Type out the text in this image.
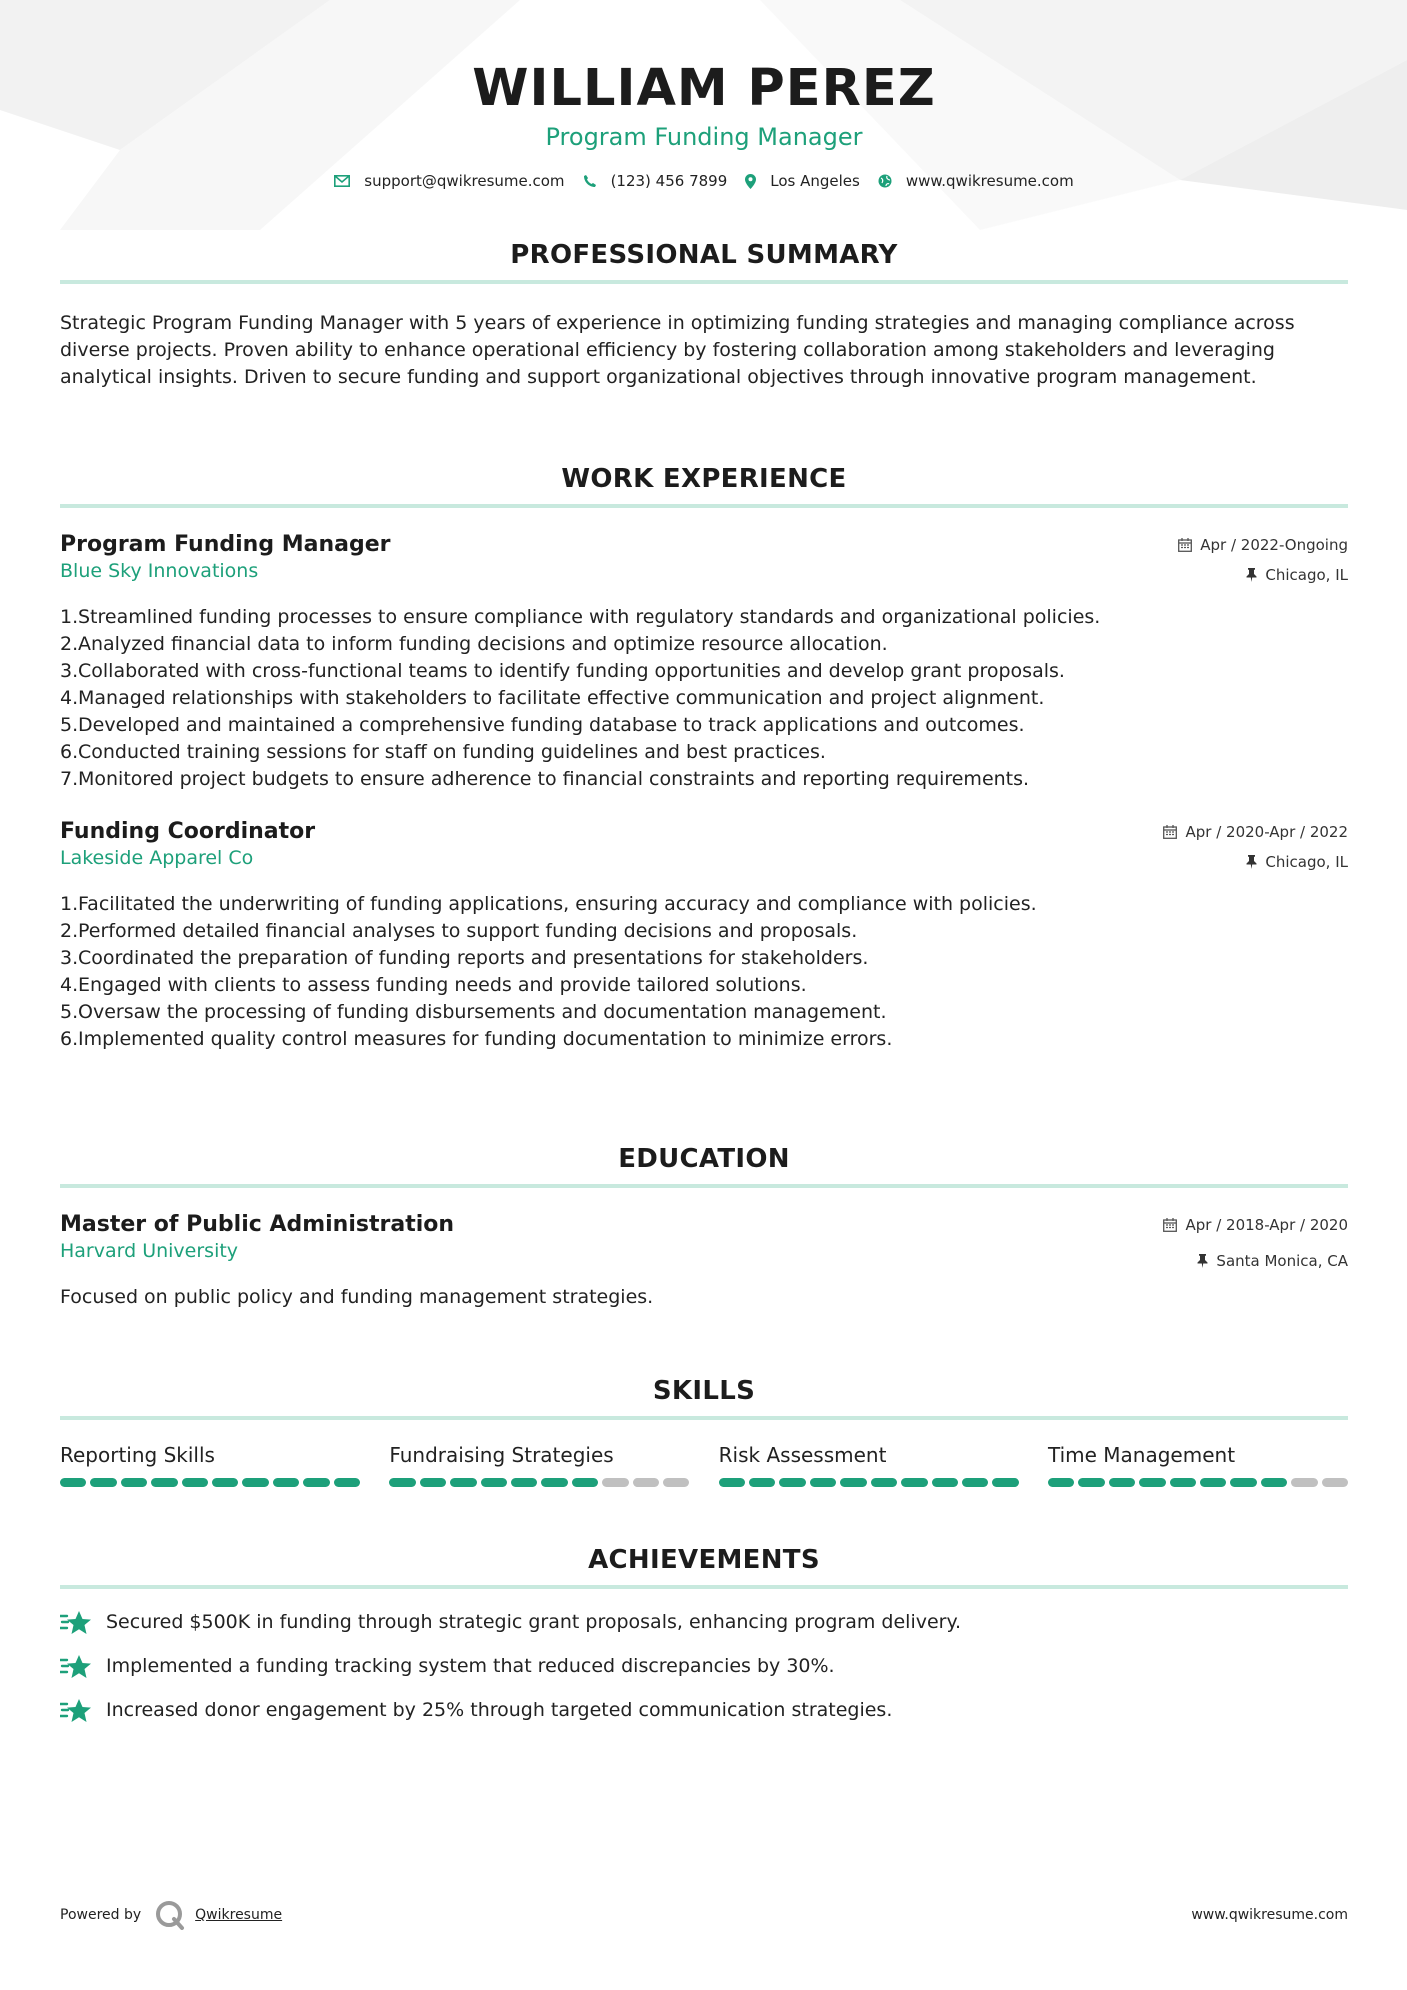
WILLIAM PEREZ
Program Funding Manager
support@qwikresume.com	(123) 456 7899	Los Angeles	www.qwikresume.com
PROFESSIONAL SUMMARY
Strategic Program Funding Manager with 5 years of experience in optimizing funding strategies and managing compliance across diverse projects. Proven ability to enhance operational efficiency by fostering collaboration among stakeholders and leveraging analytical insights. Driven to secure funding and support organizational objectives through innovative program management.
WORK EXPERIENCE
Program Funding Manager
Blue Sky Innovations
Apr / 2022-Ongoing
Chicago, IL
1. Streamlined funding processes to ensure compliance with regulatory standards and organizational policies.
2. Analyzed financial data to inform funding decisions and optimize resource allocation.
3. Collaborated with cross-functional teams to identify funding opportunities and develop grant proposals.
4. Managed relationships with stakeholders to facilitate effective communication and project alignment.
5. Developed and maintained a comprehensive funding database to track applications and outcomes.
6. Conducted training sessions for staff on funding guidelines and best practices.
7. Monitored project budgets to ensure adherence to financial constraints and reporting requirements.
Funding Coordinator
Lakeside Apparel Co
Apr / 2020-Apr / 2022
Chicago, IL
1. Facilitated the underwriting of funding applications, ensuring accuracy and compliance with policies.
2. Performed detailed financial analyses to support funding decisions and proposals.
3. Coordinated the preparation of funding reports and presentations for stakeholders.
4. Engaged with clients to assess funding needs and provide tailored solutions.
5. Oversaw the processing of funding disbursements and documentation management.
6. Implemented quality control measures for funding documentation to minimize errors.
EDUCATION
Master of Public Administration
Harvard University
Apr / 2018-Apr / 2020
Santa Monica, CA
Focused on public policy and funding management strategies.
SKILLS
Reporting Skills	Fundraising Strategies	Risk Assessment	Time Management
ACHIEVEMENTS
Secured $500K in funding through strategic grant proposals, enhancing program delivery.
Implemented a funding tracking system that reduced discrepancies by 30%.
Increased donor engagement by 25% through targeted communication strategies.
Powered by	Qwikresume	www.qwikresume.com
